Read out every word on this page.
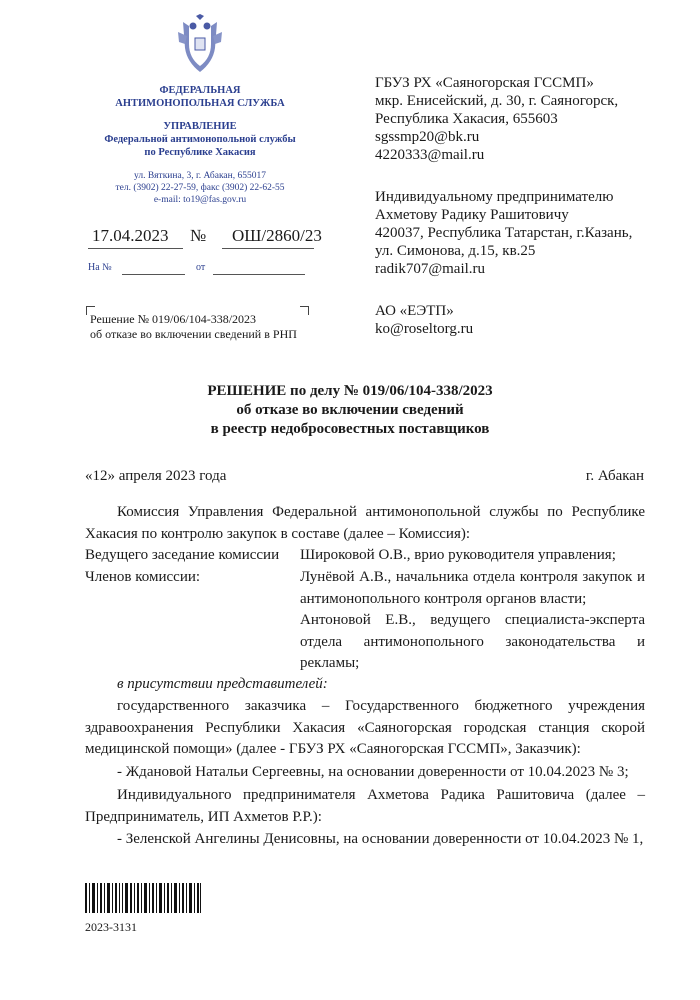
ФЕДЕРАЛЬНАЯ
АНТИМОНОПОЛЬНАЯ СЛУЖБА
УПРАВЛЕНИЕ
Федеральной антимонопольной службы
по Республике Хакасия
ул. Вяткина, 3, г. Абакан, 655017
тел. (3902) 22-27-59, факс (3902) 22-62-55
e-mail: to19@fas.gov.ru
17.04.2023 № ОШ/2860/23
На №	от
Решение № 019/06/104-338/2023
об отказе во включении сведений в РНП
ГБУЗ РХ «Саяногорская ГССМП»
мкр. Енисейский, д. 30, г. Саяногорск,
Республика Хакасия, 655603
sgssmp20@bk.ru
4220333@mail.ru
Индивидуальному предпринимателю
Ахметову Радику Рашитовичу
420037, Республика Татарстан, г.Казань,
ул. Симонова, д.15, кв.25
radik707@mail.ru
АО «ЕЭТП»
ko@roseltorg.ru
РЕШЕНИЕ по делу № 019/06/104-338/2023
об отказе во включении сведений
в реестр недобросовестных поставщиков
«12» апреля 2023 года	г. Абакан
Комиссия Управления Федеральной антимонопольной службы по Республике Хакасия по контролю закупок в составе (далее – Комиссия):
Ведущего заседание комиссии Широковой О.В., врио руководителя управления;
Членов комиссии:	Лунёвой А.В., начальника отдела контроля закупок и антимонопольного контроля органов власти;
Антоновой Е.В., ведущего специалиста-эксперта отдела антимонопольного законодательства и рекламы;
в присутствии представителей:
государственного заказчика – Государственного бюджетного учреждения здравоохранения Республики Хакасия «Саяногорская городская станция скорой медицинской помощи» (далее - ГБУЗ РХ «Саяногорская ГССМП», Заказчик):
- Ждановой Натальи Сергеевны, на основании доверенности от 10.04.2023 № 3;
Индивидуального предпринимателя Ахметова Радика Рашитовича (далее – Предприниматель, ИП Ахметов Р.Р.):
- Зеленской Ангелины Денисовны, на основании доверенности от 10.04.2023 № 1,
2023-3131
